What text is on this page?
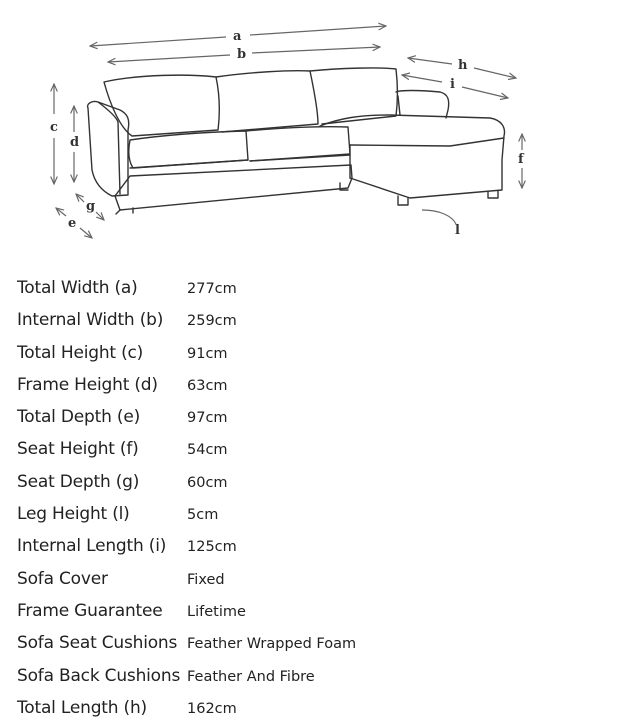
a
b
h
i
c
d
f
e
g
l
Total Width (a)	277cm
Internal Width (b) 259cm
Total Height (c)	91cm
Frame Height (d) 63cm
Total Depth (e)	97cm
Seat Height (f)	54cm
Seat Depth (g)	60cm
Leg Height (l)	5cm
Internal Length (i) 125cm
Sofa Cover	Fixed
Frame Guarantee Lifetime
Sofa Seat Cushions Feather Wrapped Foam
Sofa Back Cushions Feather And Fibre
Total Length (h)	162cm
